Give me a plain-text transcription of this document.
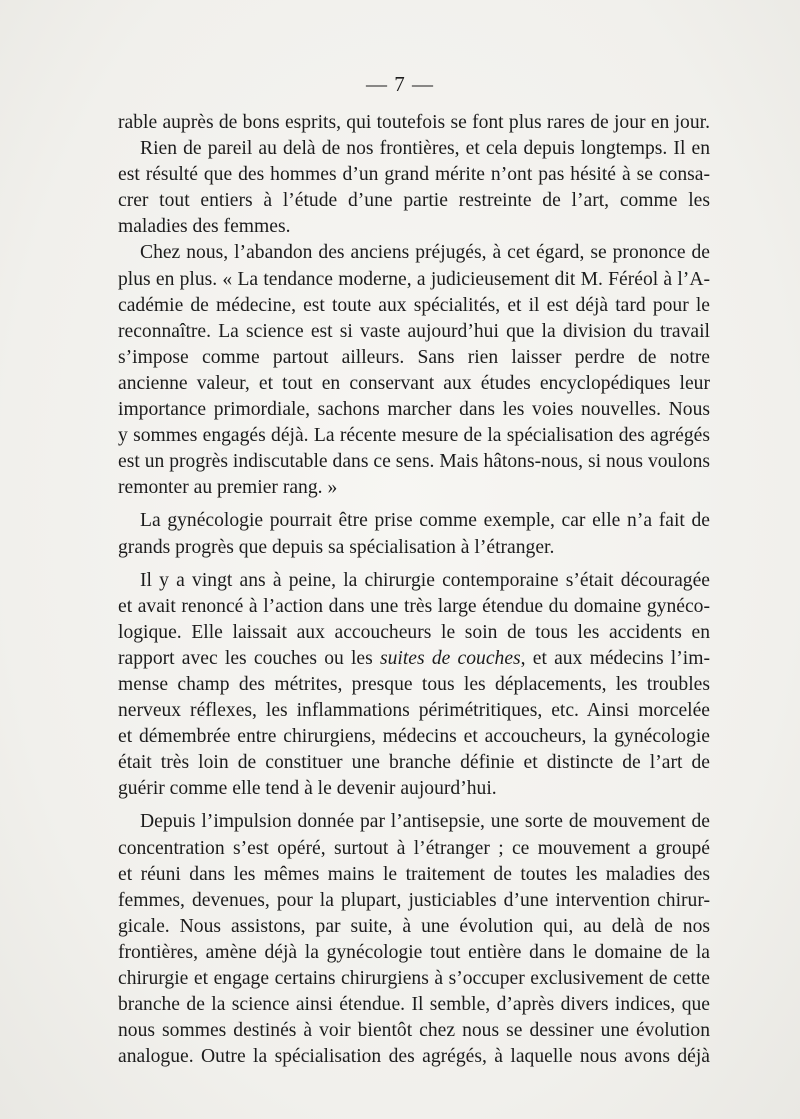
— 7 —
rable auprès de bons esprits, qui toutefois se font plus rares de jour en jour.
Rien de pareil au delà de nos frontières, et cela depuis longtemps. Il en
est résulté que des hommes d’un grand mérite n’ont pas hésité à se consa-
crer tout entiers à l’étude d’une partie restreinte de l’art, comme les
maladies des femmes.
Chez nous, l’abandon des anciens préjugés, à cet égard, se prononce de
plus en plus. « La tendance moderne, a judicieusement dit M. Féréol à l’A-
cadémie de médecine, est toute aux spécialités, et il est déjà tard pour le
reconnaître. La science est si vaste aujourd’hui que la division du travail
s’impose comme partout ailleurs. Sans rien laisser perdre de notre
ancienne valeur, et tout en conservant aux études encyclopédiques leur
importance primordiale, sachons marcher dans les voies nouvelles. Nous
y sommes engagés déjà. La récente mesure de la spécialisation des agrégés
est un progrès indiscutable dans ce sens. Mais hâtons-nous, si nous voulons
remonter au premier rang. »
La gynécologie pourrait être prise comme exemple, car elle n’a fait de
grands progrès que depuis sa spécialisation à l’étranger.
Il y a vingt ans à peine, la chirurgie contemporaine s’était découragée
et avait renoncé à l’action dans une très large étendue du domaine gynéco-
logique. Elle laissait aux accoucheurs le soin de tous les accidents en
rapport avec les couches ou les suites de couches, et aux médecins l’im-
mense champ des métrites, presque tous les déplacements, les troubles
nerveux réflexes, les inflammations périmétritiques, etc. Ainsi morcelée
et démembrée entre chirurgiens, médecins et accoucheurs, la gynécologie
était très loin de constituer une branche définie et distincte de l’art de
guérir comme elle tend à le devenir aujourd’hui.
Depuis l’impulsion donnée par l’antisepsie, une sorte de mouvement de
concentration s’est opéré, surtout à l’étranger ; ce mouvement a groupé
et réuni dans les mêmes mains le traitement de toutes les maladies des
femmes, devenues, pour la plupart, justiciables d’une intervention chirur-
gicale. Nous assistons, par suite, à une évolution qui, au delà de nos
frontières, amène déjà la gynécologie tout entière dans le domaine de la
chirurgie et engage certains chirurgiens à s’occuper exclusivement de cette
branche de la science ainsi étendue. Il semble, d’après divers indices, que
nous sommes destinés à voir bientôt chez nous se dessiner une évolution
analogue. Outre la spécialisation des agrégés, à laquelle nous avons déjà
